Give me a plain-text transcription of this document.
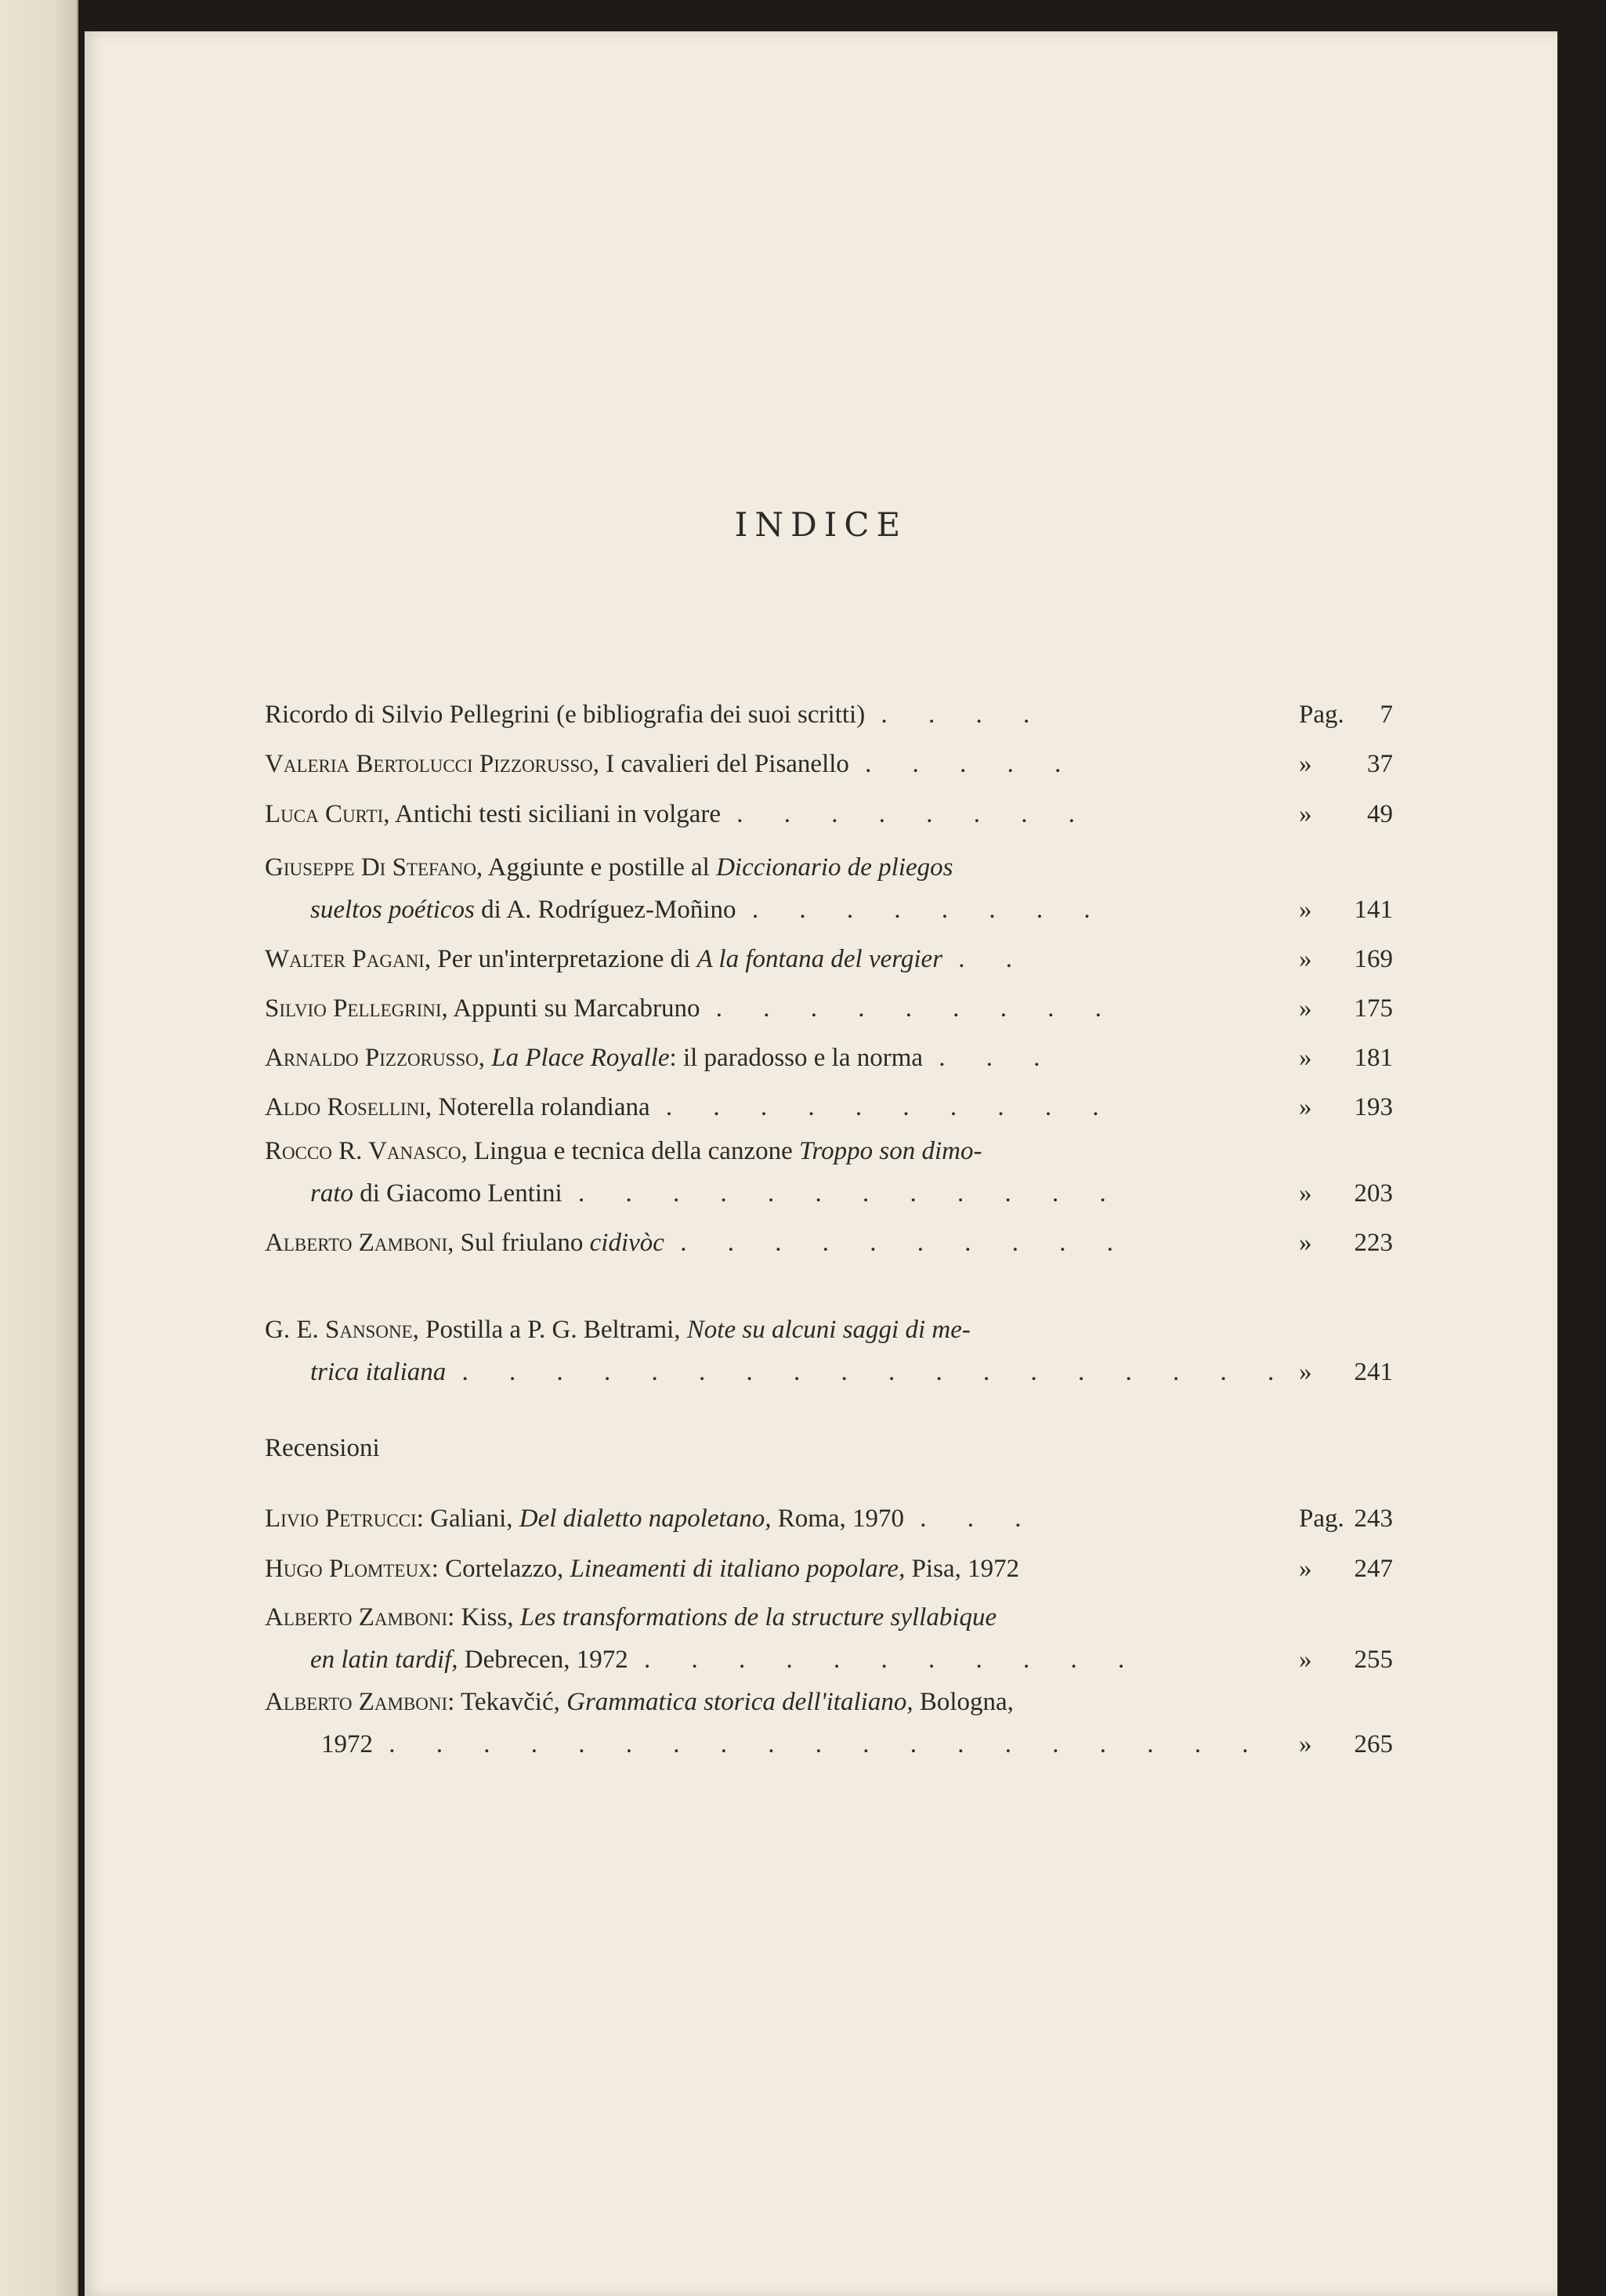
INDICE
Ricordo di Silvio Pellegrini (e bibliografia dei suoi scritti) . . . .	Pag. 7
Valeria Bertolucci Pizzorusso, I cavalieri del Pisanello . . . . .	» 37
Luca Curti, Antichi testi siciliani in volgare . . . . . . . .	» 49
Giuseppe Di Stefano, Aggiunte e postille al Diccionario de pliegos
sueltos poéticos di A. Rodríguez-Moñino . . . . . . . .	» 141
Walter Pagani, Per un'interpretazione di A la fontana del vergier . .	» 169
Silvio Pellegrini, Appunti su Marcabruno . . . . . . . . .	» 175
Arnaldo Pizzorusso, La Place Royalle: il paradosso e la norma . . .	» 181
Aldo Rosellini, Noterella rolandiana . . . . . . . . . .	» 193
Rocco R. Vanasco, Lingua e tecnica della canzone Troppo son dimo-
rato di Giacomo Lentini . . . . . . . . . . . .	» 203
Alberto Zamboni, Sul friulano cidivòc . . . . . . . . . .	» 223
G. E. Sansone, Postilla a P. G. Beltrami, Note su alcuni saggi di me-
trica italiana . . . . . . . . . . . . . . . . . . » 241
Recensioni
Livio Petrucci: Galiani, Del dialetto napoletano, Roma, 1970 . . .	Pag. 243
Hugo Plomteux: Cortelazzo, Lineamenti di italiano popolare, Pisa, 1972	» 247
Alberto Zamboni: Kiss, Les transformations de la structure syllabique
en latin tardif, Debrecen, 1972 . . . . . . . . . . .	» 255
Alberto Zamboni: Tekavčić, Grammatica storica dell'italiano, Bologna,
1972 . . . . . . . . . . . . . . . . . . .	» 265
